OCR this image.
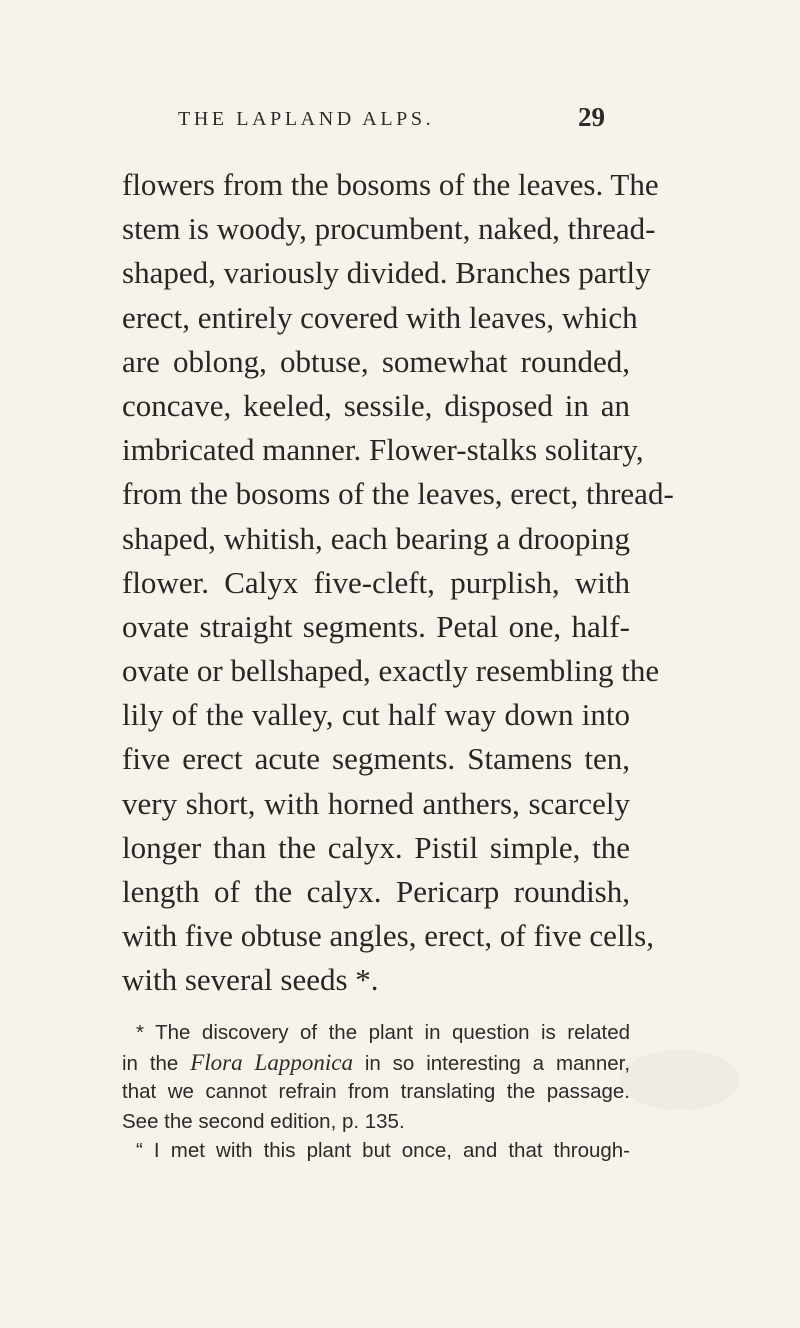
THE LAPLAND ALPS.	29
flowers from the bosoms of the leaves. The
stem is woody, procumbent, naked, thread-
shaped, variously divided. Branches partly
erect, entirely covered with leaves, which
are oblong, obtuse, somewhat rounded,
concave, keeled, sessile, disposed in an
imbricated manner. Flower-stalks solitary,
from the bosoms of the leaves, erect, thread-
shaped, whitish, each bearing a drooping
flower. Calyx five-cleft, purplish, with
ovate straight segments. Petal one, half-
ovate or bellshaped, exactly resembling the
lily of the valley, cut half way down into
five erect acute segments. Stamens ten,
very short, with horned anthers, scarcely
longer than the calyx. Pistil simple, the
length of the calyx. Pericarp roundish,
with five obtuse angles, erect, of five cells,
with several seeds *.
* The discovery of the plant in question is related
in the Flora Lapponica in so interesting a manner,
that we cannot refrain from translating the passage.
See the second edition, p. 135.
“ I met with this plant but once, and that through-
